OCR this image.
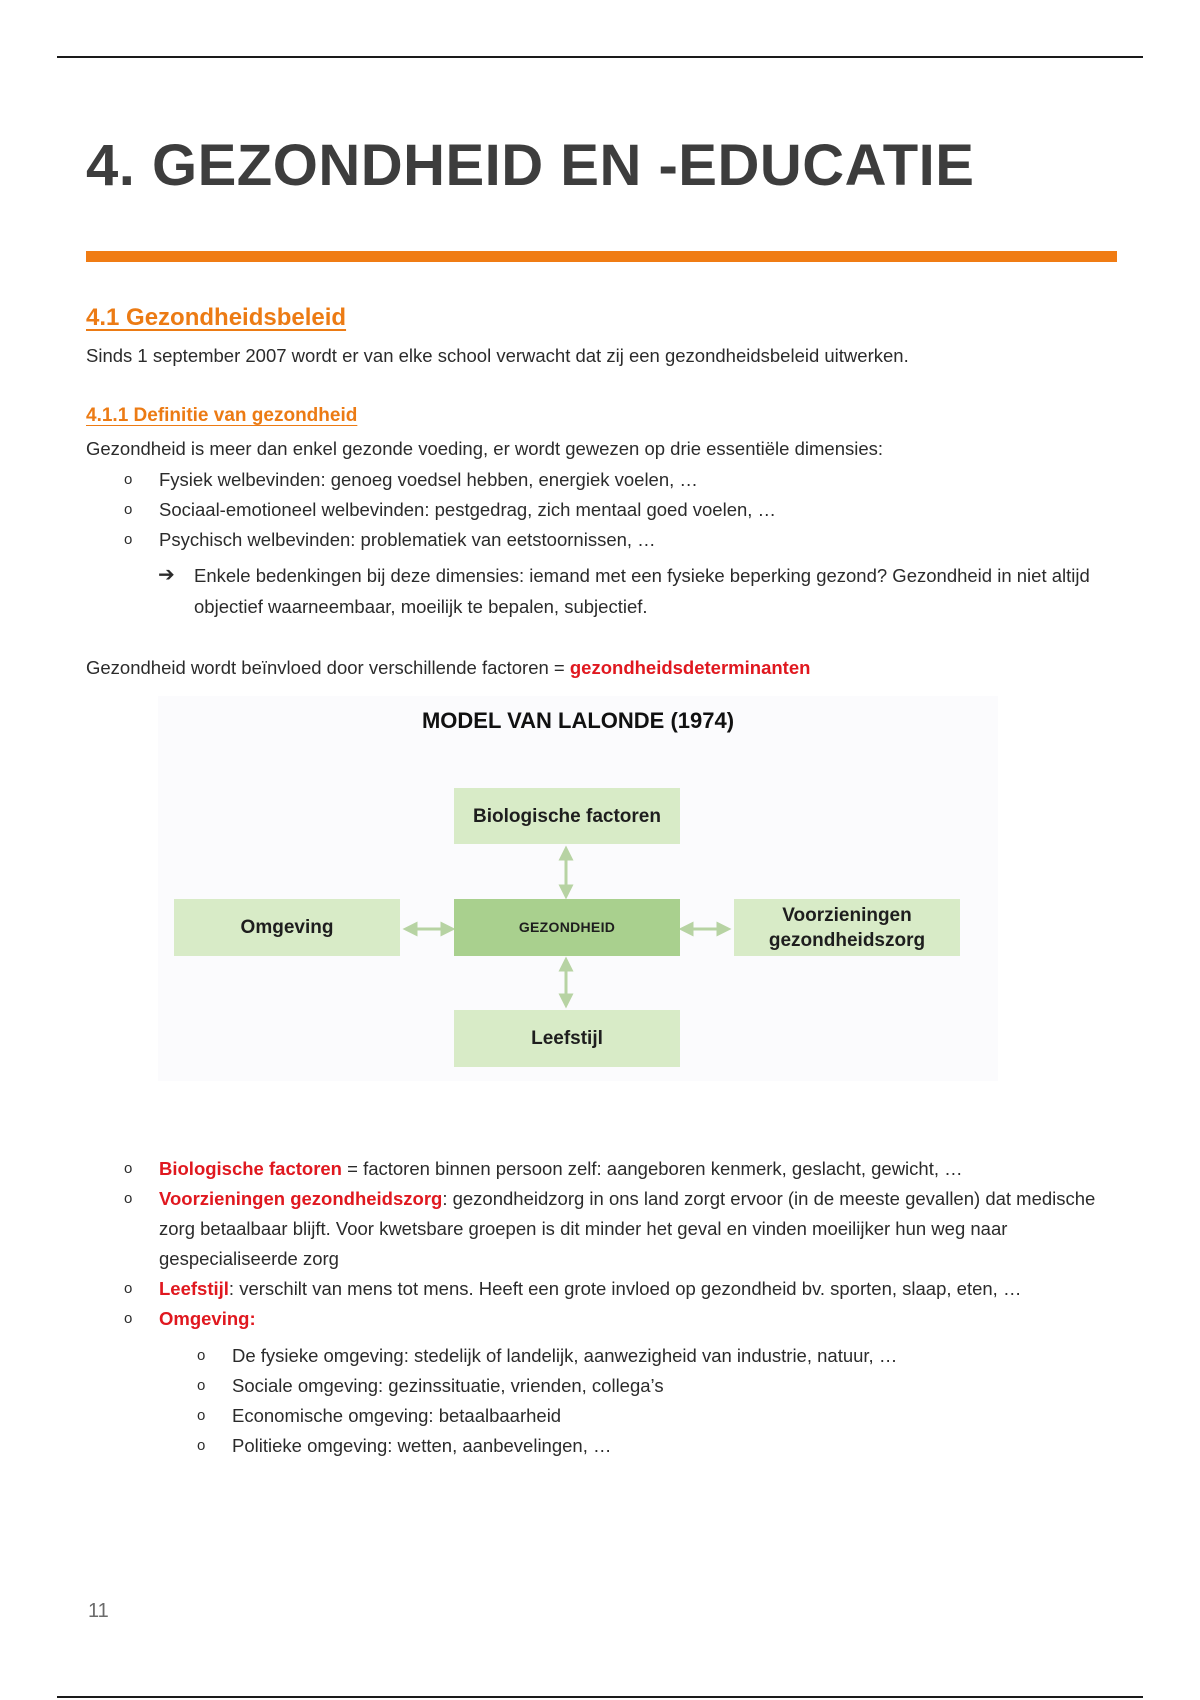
4. GEZONDHEID EN -EDUCATIE
4.1 Gezondheidsbeleid

Sinds 1 september 2007 wordt er van elke school verwacht dat zij een gezondheidsbeleid uitwerken.

4.1.1 Definitie van gezondheid

Gezondheid is meer dan enkel gezonde voeding, er wordt gewezen op drie essentiële dimensies:

o Fysiek welbevinden: genoeg voedsel hebben, energiek voelen, …
o Sociaal-emotioneel welbevinden: pestgedrag, zich mentaal goed voelen, …
o Psychisch welbevinden: problematiek van eetstoornissen, …

➔ Enkele bedenkingen bij deze dimensies: iemand met een fysieke beperking gezond? Gezondheid in niet altijd objectief waarneembaar, moeilijk te bepalen, subjectief.

Gezondheid wordt beïnvloed door verschillende factoren = gezondheidsdeterminanten

MODEL VAN LALONDE (1974)

Biologische factoren
Omgeving	GEZONDHEID
Voorzieningen gezondheidszorg
Leefstijl
o Biologische factoren = factoren binnen persoon zelf: aangeboren kenmerk, geslacht, gewicht, …
o Voorzieningen gezondheidszorg: gezondheidzorg in ons land zorgt ervoor (in de meeste gevallen) dat medische zorg betaalbaar blijft. Voor kwetsbare groepen is dit minder het geval en vinden moeilijker hun weg naar gespecialiseerde zorg
o Leefstijl: verschilt van mens tot mens. Heeft een grote invloed op gezondheid bv. sporten, slaap, eten, …
o Omgeving:
o De fysieke omgeving: stedelijk of landelijk, aanwezigheid van industrie, natuur, …
o Sociale omgeving: gezinssituatie, vrienden, collega’s
o Economische omgeving: betaalbaarheid
o Politieke omgeving: wetten, aanbevelingen, …

11
